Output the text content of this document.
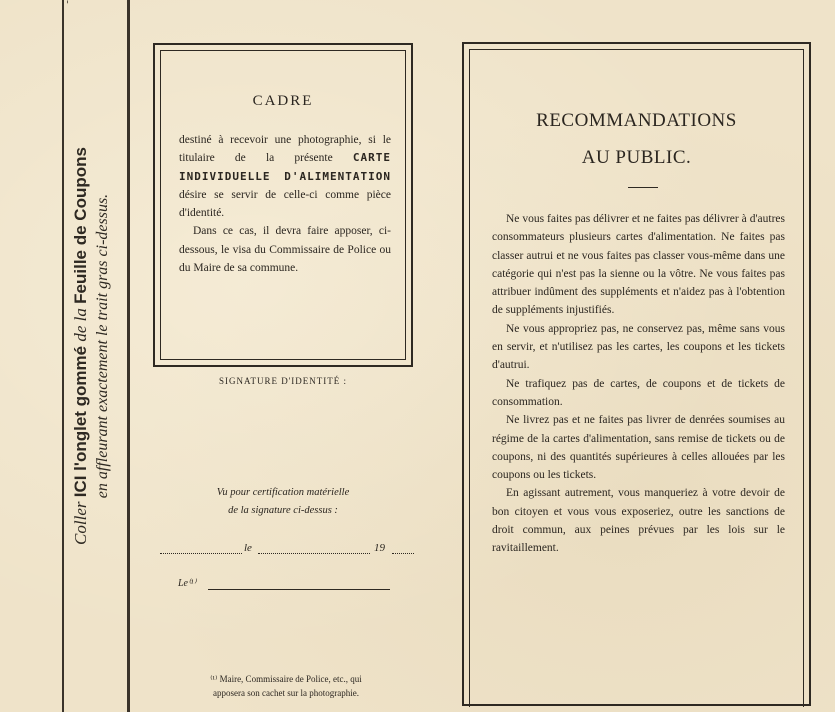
'
Coller ICI l'onglet gommé de la Feuille de Coupons en affleurant exactement le trait gras ci-dessus.
CADRE

destiné à recevoir une photographie, si le titulaire de la présente CARTE INDIVIDUELLE D'ALIMENTATION désire se servir de celle-ci comme pièce d'identité.

Dans ce cas, il devra faire apposer, ci-dessous, le visa du Commissaire de Police ou du Maire de sa commune.

SIGNATURE D'IDENTITÉ :
Vu pour certification matérielle
de la signature ci-dessus :
le	19
Le⁽¹⁾
⁽¹⁾ Maire, Commissaire de Police, etc., qui
apposera son cachet sur la photographie.
RECOMMANDATIONS
AU PUBLIC.

Ne vous faites pas délivrer et ne faites pas délivrer à d'autres consommateurs plusieurs cartes d'alimentation. Ne faites pas classer autrui et ne vous faites pas classer vous-même dans une catégorie qui n'est pas la sienne ou la vôtre. Ne vous faites pas attribuer indûment des suppléments et n'aidez pas à l'obtention de suppléments injustifiés.

Ne vous appropriez pas, ne conservez pas, même sans vous en servir, et n'utilisez pas les cartes, les coupons et les tickets d'autrui.

Ne trafiquez pas de cartes, de coupons et de tickets de consommation.

Ne livrez pas et ne faites pas livrer de denrées soumises au régime de la cartes d'alimentation, sans remise de tickets ou de coupons, ni des quantités supérieures à celles allouées par les coupons ou les tickets.

En agissant autrement, vous manqueriez à votre devoir de bon citoyen et vous vous exposeriez, outre les sanctions de droit commun, aux peines prévues par les lois sur le ravitaillement.
